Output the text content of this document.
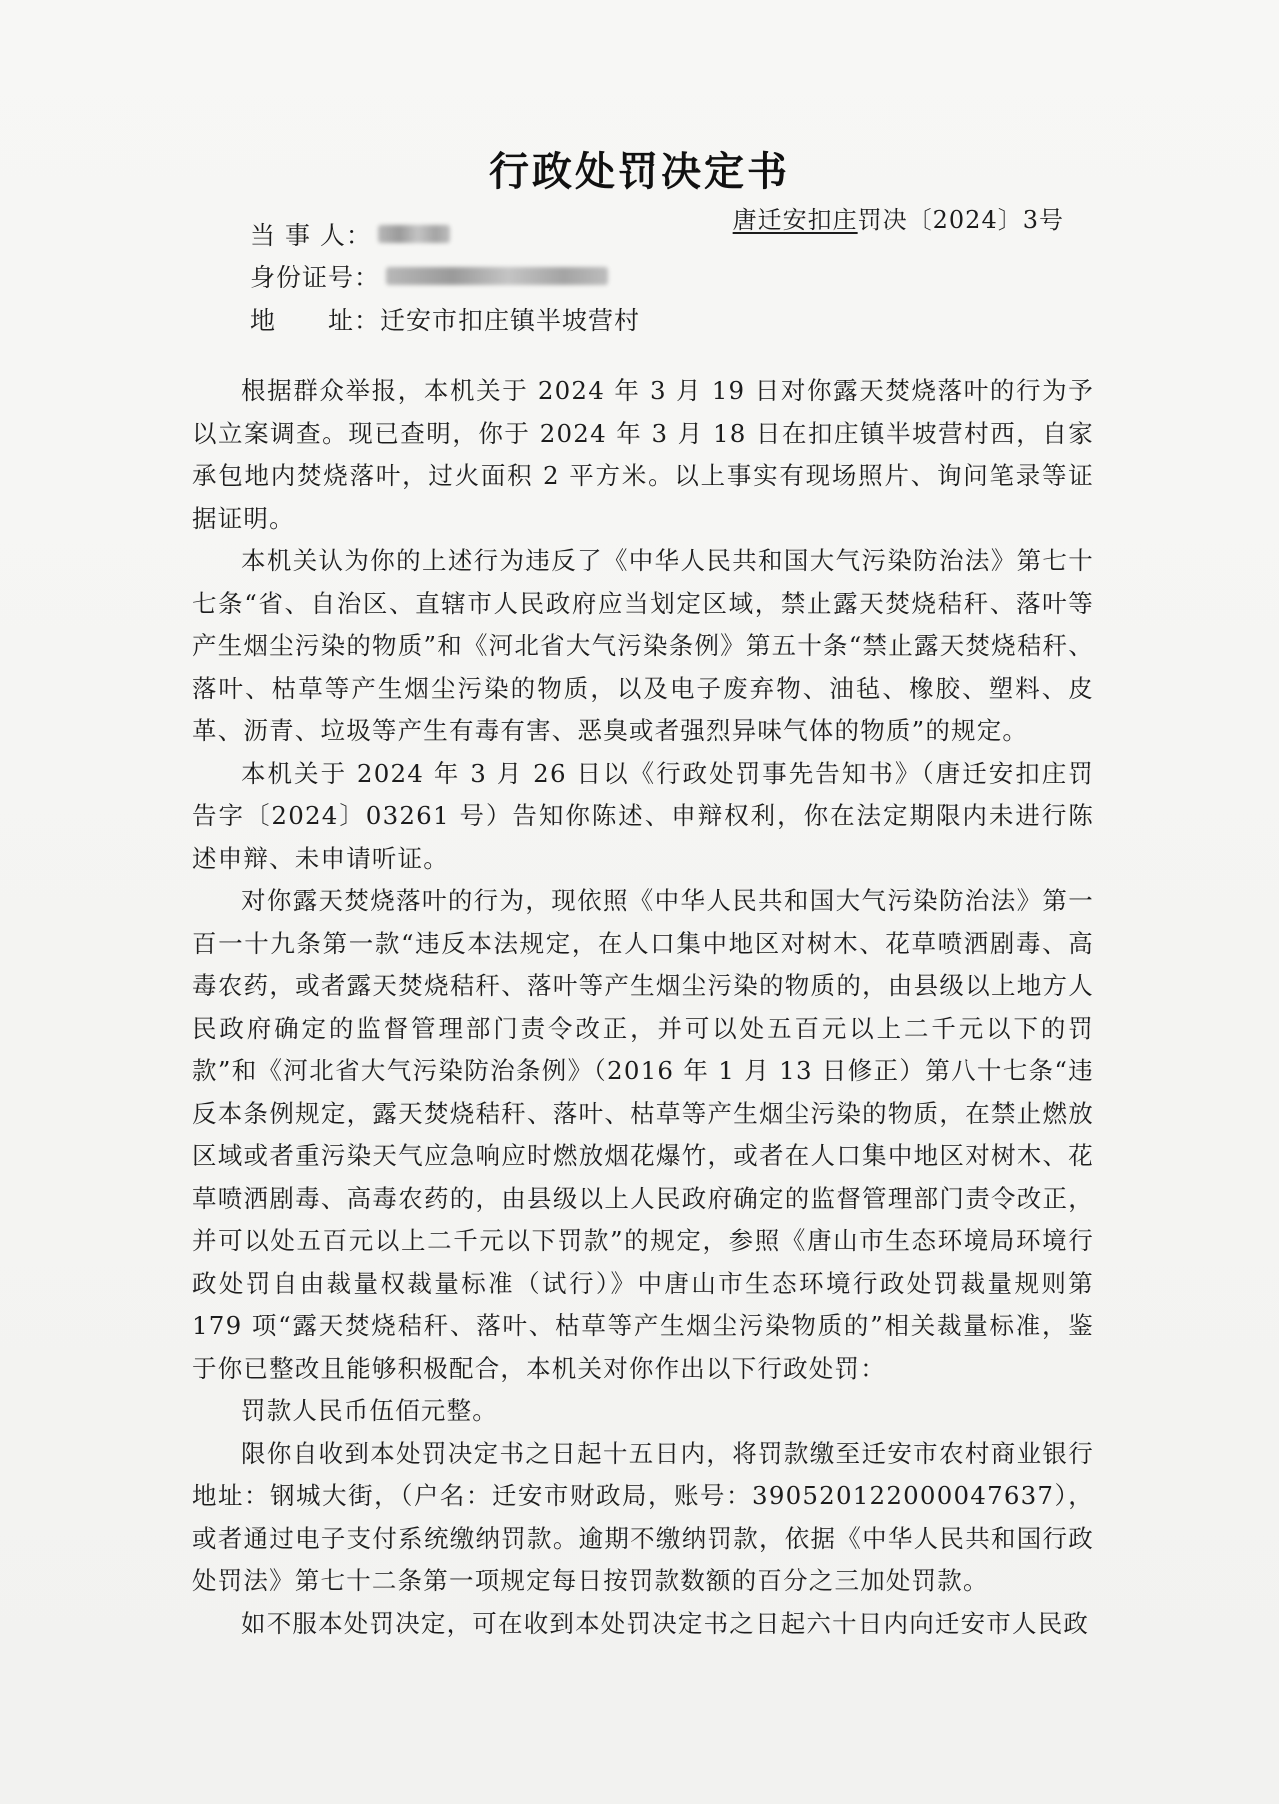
行政处罚决定书
唐迁安扣庄罚决〔2024〕3号
当 事 人：
身份证号：
地　　址： 迁安市扣庄镇半坡营村

根据群众举报，本机关于 2024 年 3 月 19 日对你露天焚烧落叶的行为予以立案调查。现已查明，你于 2024 年 3 月 18 日在扣庄镇半坡营村西，自家承包地内焚烧落叶，过火面积 2 平方米。以上事实有现场照片、询问笔录等证据证明。

本机关认为你的上述行为违反了《中华人民共和国大气污染防治法》第七十七条“省、自治区、直辖市人民政府应当划定区域，禁止露天焚烧秸秆、落叶等产生烟尘污染的物质”和《河北省大气污染条例》第五十条“禁止露天焚烧秸秆、落叶、枯草等产生烟尘污染的物质，以及电子废弃物、油毡、橡胶、塑料、皮革、沥青、垃圾等产生有毒有害、恶臭或者强烈异味气体的物质”的规定。

本机关于 2024 年 3 月 26 日以《行政处罚事先告知书》（唐迁安扣庄罚告字〔2024〕03261 号）告知你陈述、申辩权利，你在法定期限内未进行陈述申辩、未申请听证。

对你露天焚烧落叶的行为，现依照《中华人民共和国大气污染防治法》第一百一十九条第一款“违反本法规定，在人口集中地区对树木、花草喷洒剧毒、高毒农药，或者露天焚烧秸秆、落叶等产生烟尘污染的物质的，由县级以上地方人民政府确定的监督管理部门责令改正，并可以处五百元以上二千元以下的罚款”和《河北省大气污染防治条例》（2016 年 1 月 13 日修正）第八十七条“违反本条例规定，露天焚烧秸秆、落叶、枯草等产生烟尘污染的物质，在禁止燃放区域或者重污染天气应急响应时燃放烟花爆竹，或者在人口集中地区对树木、花草喷洒剧毒、高毒农药的，由县级以上人民政府确定的监督管理部门责令改正，并可以处五百元以上二千元以下罚款”的规定，参照《唐山市生态环境局环境行政处罚自由裁量权裁量标准（试行）》中唐山市生态环境行政处罚裁量规则第 179 项“露天焚烧秸秆、落叶、枯草等产生烟尘污染物质的”相关裁量标准，鉴于你已整改且能够积极配合，本机关对你作出以下行政处罚：

罚款人民币伍佰元整。

限你自收到本处罚决定书之日起十五日内，将罚款缴至迁安市农村商业银行地址：钢城大街，（户名：迁安市财政局，账号：390520122000047637），或者通过电子支付系统缴纳罚款。逾期不缴纳罚款，依据《中华人民共和国行政处罚法》第七十二条第一项规定每日按罚款数额的百分之三加处罚款。

如不服本处罚决定，可在收到本处罚决定书之日起六十日内向迁安市人民政
